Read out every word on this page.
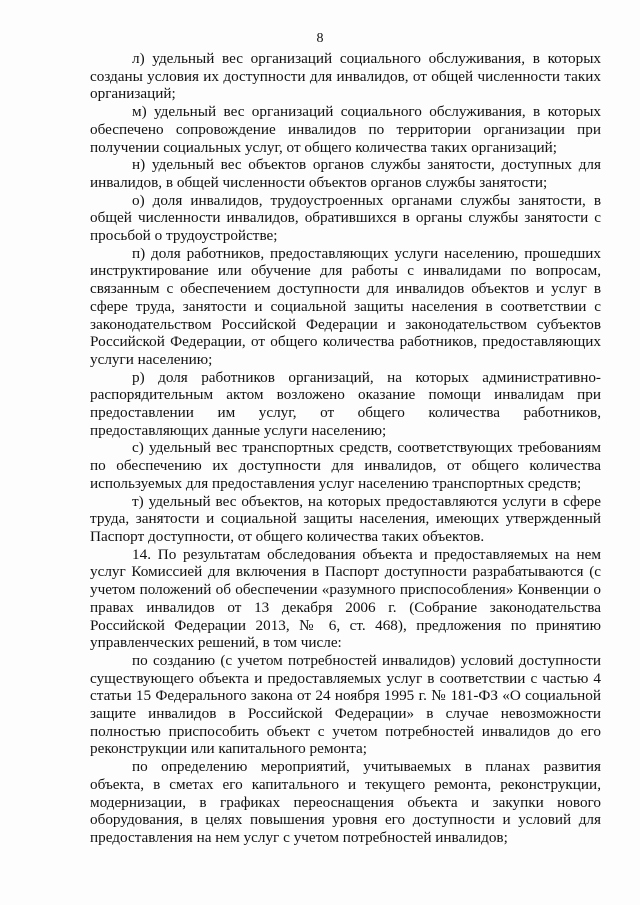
8

л) удельный вес организаций социального обслуживания, в которых созданы условия их доступности для инвалидов, от общей численности таких организаций;

м) удельный вес организаций социального обслуживания, в которых обеспечено сопровождение инвалидов по территории организации при получении социальных услуг, от общего количества таких организаций;

н) удельный вес объектов органов службы занятости, доступных для инвалидов, в общей численности объектов органов службы занятости;

о) доля инвалидов, трудоустроенных органами службы занятости, в общей численности инвалидов, обратившихся в органы службы занятости с просьбой о трудоустройстве;

п) доля работников, предоставляющих услуги населению, прошедших инструктирование или обучение для работы с инвалидами по вопросам, связанным с обеспечением доступности для инвалидов объектов и услуг в сфере труда, занятости и социальной защиты населения в соответствии с законодательством Российской Федерации и законодательством субъектов Российской Федерации, от общего количества работников, предоставляющих услуги населению;

р) доля работников организаций, на которых административно-распорядительным актом возложено оказание помощи инвалидам при предоставлении им услуг, от общего количества работников, предоставляющих данные услуги населению;

с) удельный вес транспортных средств, соответствующих требованиям по обеспечению их доступности для инвалидов, от общего количества используемых для предоставления услуг населению транспортных средств;

т) удельный вес объектов, на которых предоставляются услуги в сфере труда, занятости и социальной защиты населения, имеющих утвержденный Паспорт доступности, от общего количества таких объектов.

14. По результатам обследования объекта и предоставляемых на нем услуг Комиссией для включения в Паспорт доступности разрабатываются (с учетом положений об обеспечении «разумного приспособления» Конвенции о правах инвалидов от 13 декабря 2006 г. (Собрание законодательства Российской Федерации 2013, № 6, ст. 468), предложения по принятию управленческих решений, в том числе:

по созданию (с учетом потребностей инвалидов) условий доступности существующего объекта и предоставляемых услуг в соответствии с частью 4 статьи 15 Федерального закона от 24 ноября 1995 г. № 181-ФЗ «О социальной защите инвалидов в Российской Федерации» в случае невозможности полностью приспособить объект с учетом потребностей инвалидов до его реконструкции или капитального ремонта;

по определению мероприятий, учитываемых в планах развития объекта, в сметах его капитального и текущего ремонта, реконструкции, модернизации, в графиках переоснащения объекта и закупки нового оборудования, в целях повышения уровня его доступности и условий для предоставления на нем услуг с учетом потребностей инвалидов;
